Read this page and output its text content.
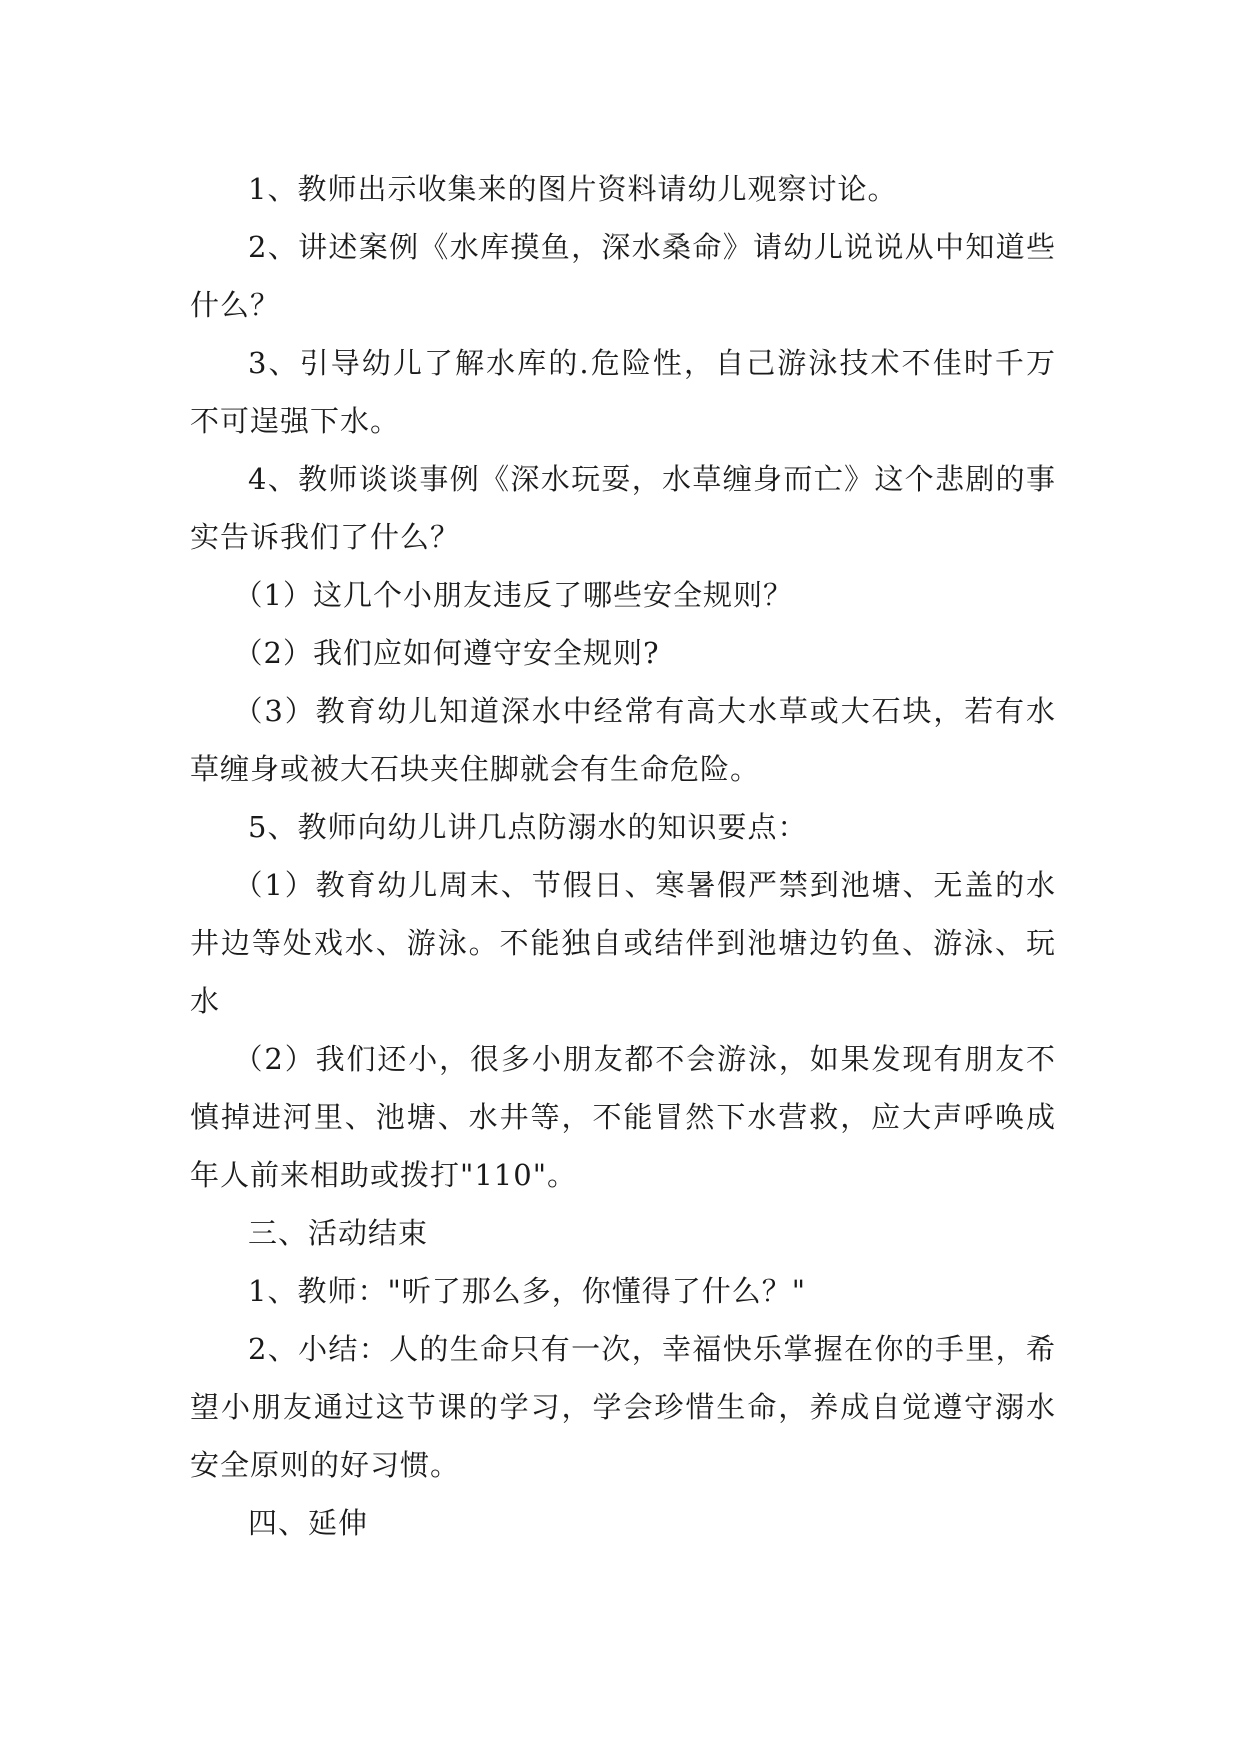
1、教师出示收集来的图片资料请幼儿观察讨论。

2、讲述案例《水库摸鱼，深水桑命》请幼儿说说从中知道些什么？

3、引导幼儿了解水库的.危险性，自己游泳技术不佳时千万不可逞强下水。

4、教师谈谈事例《深水玩耍，水草缠身而亡》这个悲剧的事实告诉我们了什么？

（1）这几个小朋友违反了哪些安全规则？

（2）我们应如何遵守安全规则?

（3）教育幼儿知道深水中经常有高大水草或大石块，若有水草缠身或被大石块夹住脚就会有生命危险。

5、教师向幼儿讲几点防溺水的知识要点：

（1）教育幼儿周末、节假日、寒暑假严禁到池塘、无盖的水井边等处戏水、游泳。不能独自或结伴到池塘边钓鱼、游泳、玩水

（2）我们还小，很多小朋友都不会游泳，如果发现有朋友不慎掉进河里、池塘、水井等，不能冒然下水营救，应大声呼唤成年人前来相助或拨打"110"。

三、活动结束

1、教师："听了那么多，你懂得了什么？"

2、小结：人的生命只有一次，幸福快乐掌握在你的手里，希望小朋友通过这节课的学习，学会珍惜生命，养成自觉遵守溺水安全原则的好习惯。

四、延伸
